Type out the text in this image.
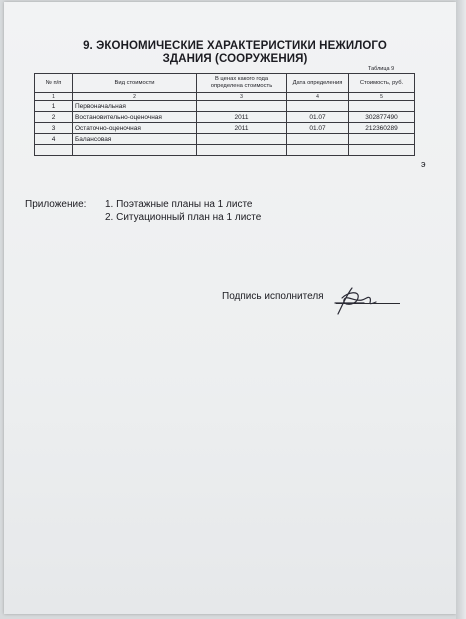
9. ЭКОНОМИЧЕСКИЕ ХАРАКТЕРИСТИКИ НЕЖИЛОГО
ЗДАНИЯ (СООРУЖЕНИЯ)
Таблица 9
№ п/п	Вид стоимости	В ценах какого года определена стоимость	Дата определения	Стоимость, руб.
1	2	3	4	5
1	Первоначальная			
2	Востановительно-оценочная	2011	01.07	302877490
3	Остаточно-оценочная	2011	01.07	212360289
4	Балансовая			

э
Приложение: 1. Поэтажные планы на 1 листе
2. Ситуационный план на 1 листе
Подпись исполнителя
